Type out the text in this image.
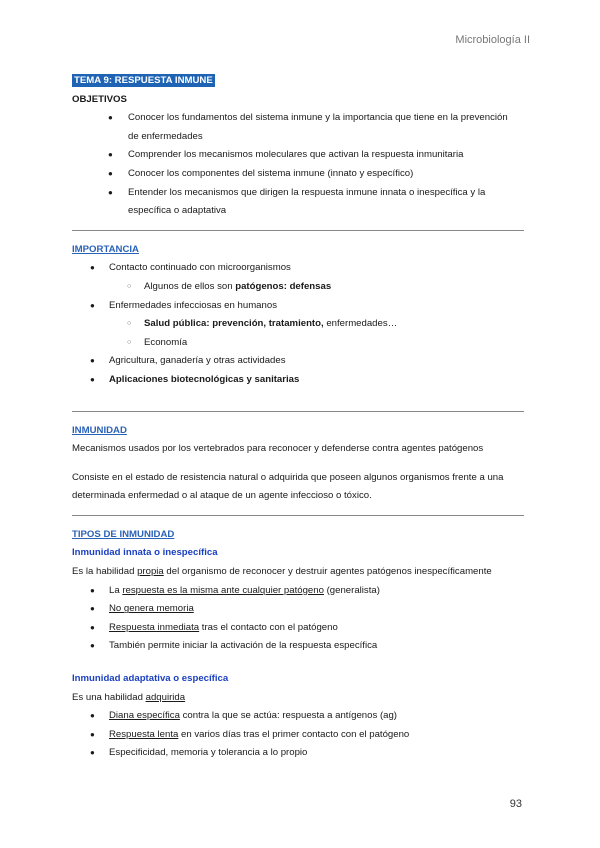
Microbiología II
TEMA 9: RESPUESTA INMUNE
OBJETIVOS
● Conocer los fundamentos del sistema inmune y la importancia que tiene en la prevención
de enfermedades
● Comprender los mecanismos moleculares que activan la respuesta inmunitaria
● Conocer los componentes del sistema inmune (innato y específico)
● Entender los mecanismos que dirigen la respuesta inmune innata o inespecífica y la
específica o adaptativa
IMPORTANCIA
● Contacto continuado con microorganismos
○ Algunos de ellos son patógenos: defensas
● Enfermedades infecciosas en humanos
○ Salud pública: prevención, tratamiento, enfermedades…
○ Economía
● Agricultura, ganadería y otras actividades
● Aplicaciones biotecnológicas y sanitarias
INMUNIDAD
Mecanismos usados por los vertebrados para reconocer y defenderse contra agentes patógenos
Consiste en el estado de resistencia natural o adquirida que poseen algunos organismos frente a una
determinada enfermedad o al ataque de un agente infeccioso o tóxico.
TIPOS DE INMUNIDAD
Inmunidad innata o inespecífica
Es la habilidad propia del organismo de reconocer y destruir agentes patógenos inespecíficamente
● La respuesta es la misma ante cualquier patógeno (generalista)
● No genera memoria
● Respuesta inmediata tras el contacto con el patógeno
● También permite iniciar la activación de la respuesta específica
Inmunidad adaptativa o específica
Es una habilidad adquirida
● Diana específica contra la que se actúa: respuesta a antígenos (ag)
● Respuesta lenta en varios días tras el primer contacto con el patógeno
● Especificidad, memoria y tolerancia a lo propio
93
